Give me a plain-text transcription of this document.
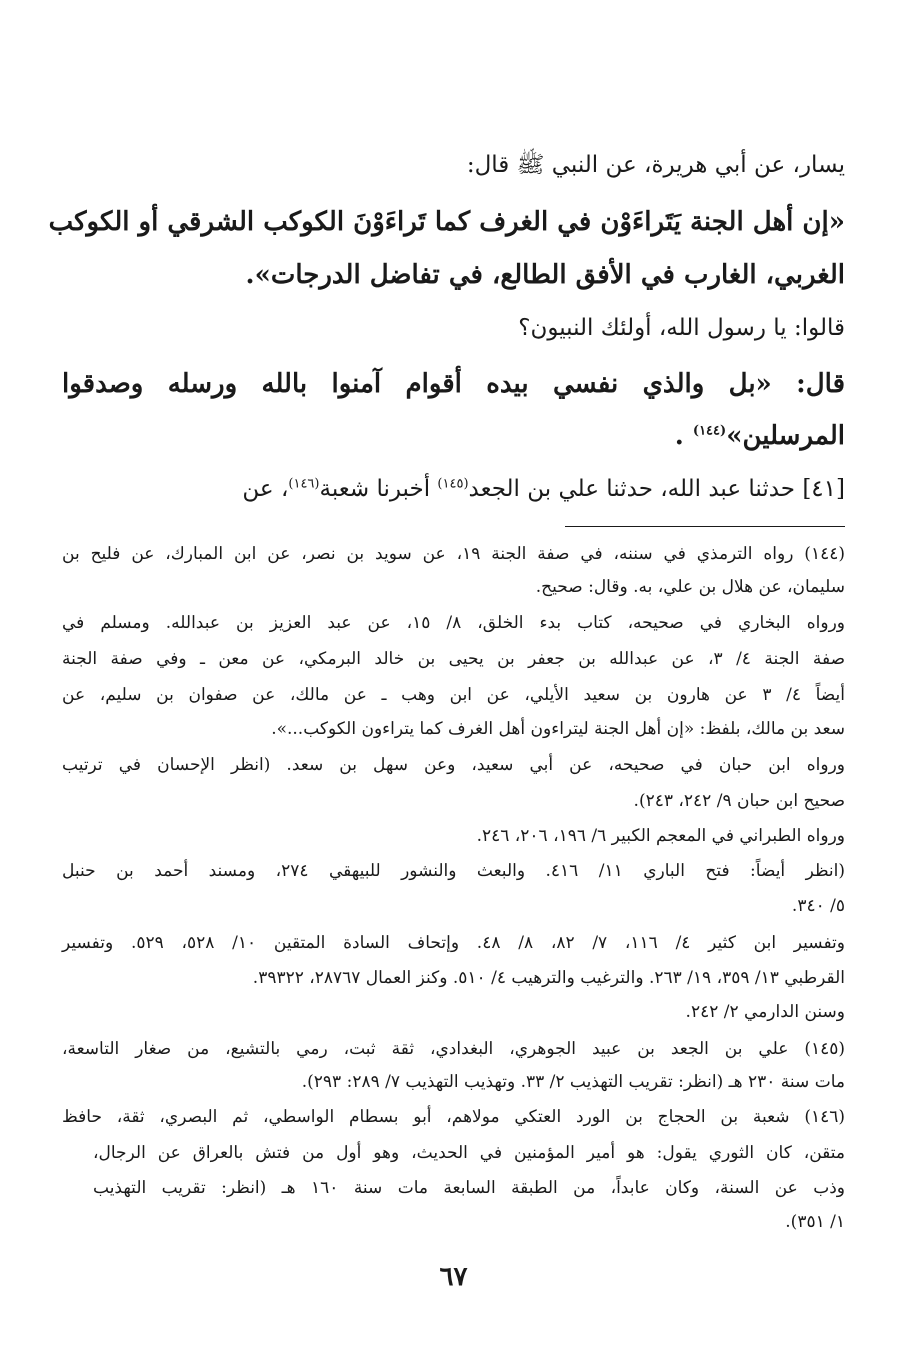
يسار، عن أبي هريرة، عن النبي ﷺ قال:
«إن أهل الجنة يَتَراءَوْن في الغرف كما تَراءَوْنَ الكوكب الشرقي أو الكوكب
الغربي، الغارب في الأفق الطالع، في تفاضل الدرجات».
قالوا: يا رسول الله، أولئك النبيون؟
قال: «بل والذي نفسي بيده أقوام آمنوا بالله ورسله وصدقوا
المرسلين»$^{(١٤٤)}$ .
[٤١] حدثنا عبد الله، حدثنا علي بن الجعد$^{(١٤٥)}$ أخبرنا شعبة$^{(١٤٦)}$، عن
(١٤٤) رواه الترمذي في سننه، في صفة الجنة ١٩، عن سويد بن نصر، عن ابن المبارك، عن فليح بن
سليمان، عن هلال بن علي، به. وقال: صحيح.
ورواه البخاري في صحيحه، كتاب بدء الخلق، ٨/ ١٥، عن عبد العزيز بن عبدالله. ومسلم في
صفة الجنة ٤/ ٣، عن عبدالله بن جعفر بن يحيى بن خالد البرمكي، عن معن ـ وفي صفة الجنة
أيضاً ٤/ ٣ عن هارون بن سعيد الأيلي، عن ابن وهب ـ عن مالك، عن صفوان بن سليم، عن
سعد بن مالك، بلفظ: «إن أهل الجنة ليتراءون أهل الغرف كما يتراءون الكوكب...».
ورواه ابن حبان في صحيحه، عن أبي سعيد، وعن سهل بن سعد. (انظر الإحسان في ترتيب
صحيح ابن حبان ٩/ ٢٤٢، ٢٤٣).
ورواه الطبراني في المعجم الكبير ٦/ ١٩٦، ٢٠٦، ٢٤٦.
(انظر أيضاً: فتح الباري ١١/ ٤١٦. والبعث والنشور للبيهقي ٢٧٤، ومسند أحمد بن حنبل
٥/ ٣٤٠.
وتفسير ابن كثير ٤/ ١١٦، ٧/ ٨٢، ٨/ ٤٨. وإتحاف السادة المتقين ١٠/ ٥٢٨، ٥٢٩. وتفسير
القرطبي ١٣/ ٣٥٩، ١٩/ ٢٦٣. والترغيب والترهيب ٤/ ٥١٠. وكنز العمال ٢٨٧٦٧، ٣٩٣٢٢.
وسنن الدارمي ٢/ ٢٤٢.
(١٤٥) علي بن الجعد بن عبيد الجوهري، البغدادي، ثقة ثبت، رمي بالتشيع، من صغار التاسعة،
مات سنة ٢٣٠ هـ (انظر: تقريب التهذيب ٢/ ٣٣. وتهذيب التهذيب ٧/ ٢٨٩: ٢٩٣).
(١٤٦) شعبة بن الحجاج بن الورد العتكي مولاهم، أبو بسطام الواسطي، ثم البصري، ثقة، حافظ
متقن، كان الثوري يقول: هو أمير المؤمنين في الحديث، وهو أول من فتش بالعراق عن الرجال،
وذب عن السنة، وكان عابداً، من الطبقة السابعة مات سنة ١٦٠ هـ (انظر: تقريب التهذيب
١/ ٣٥١).
٦٧
